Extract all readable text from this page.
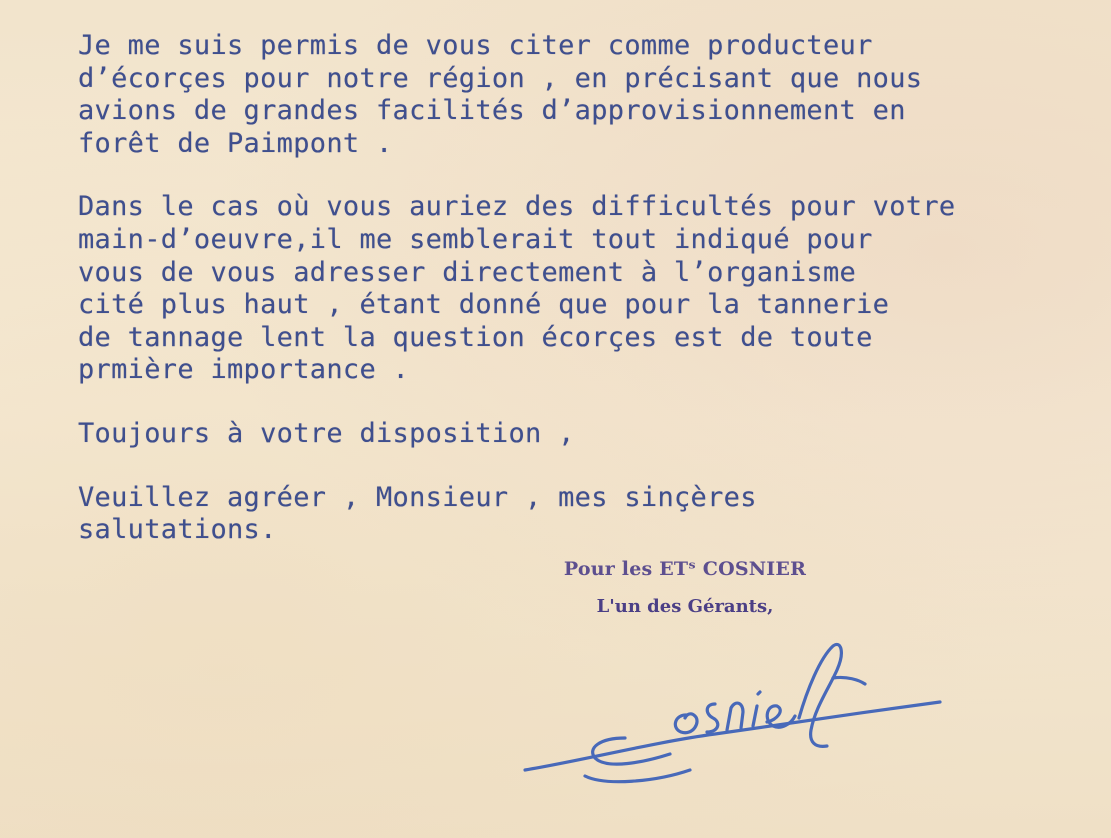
Je me suis permis de vous citer comme producteur
d’écorçes pour notre région , en précisant que nous
avions de grandes facilités d’approvisionnement en
forêt de Paimpont .
Dans le cas où vous auriez des difficultés pour votre
main-d’oeuvre,il me semblerait tout indiqué pour
vous de vous adresser directement à l’organisme
cité plus haut , étant donné que pour la tannerie
de tannage lent la question écorçes est de toute
prmière importance .
Toujours à votre disposition ,
Veuillez agréer , Monsieur , mes sinçères
salutations.
Pour les ETˢ COSNIER
L'un des Gérants,
